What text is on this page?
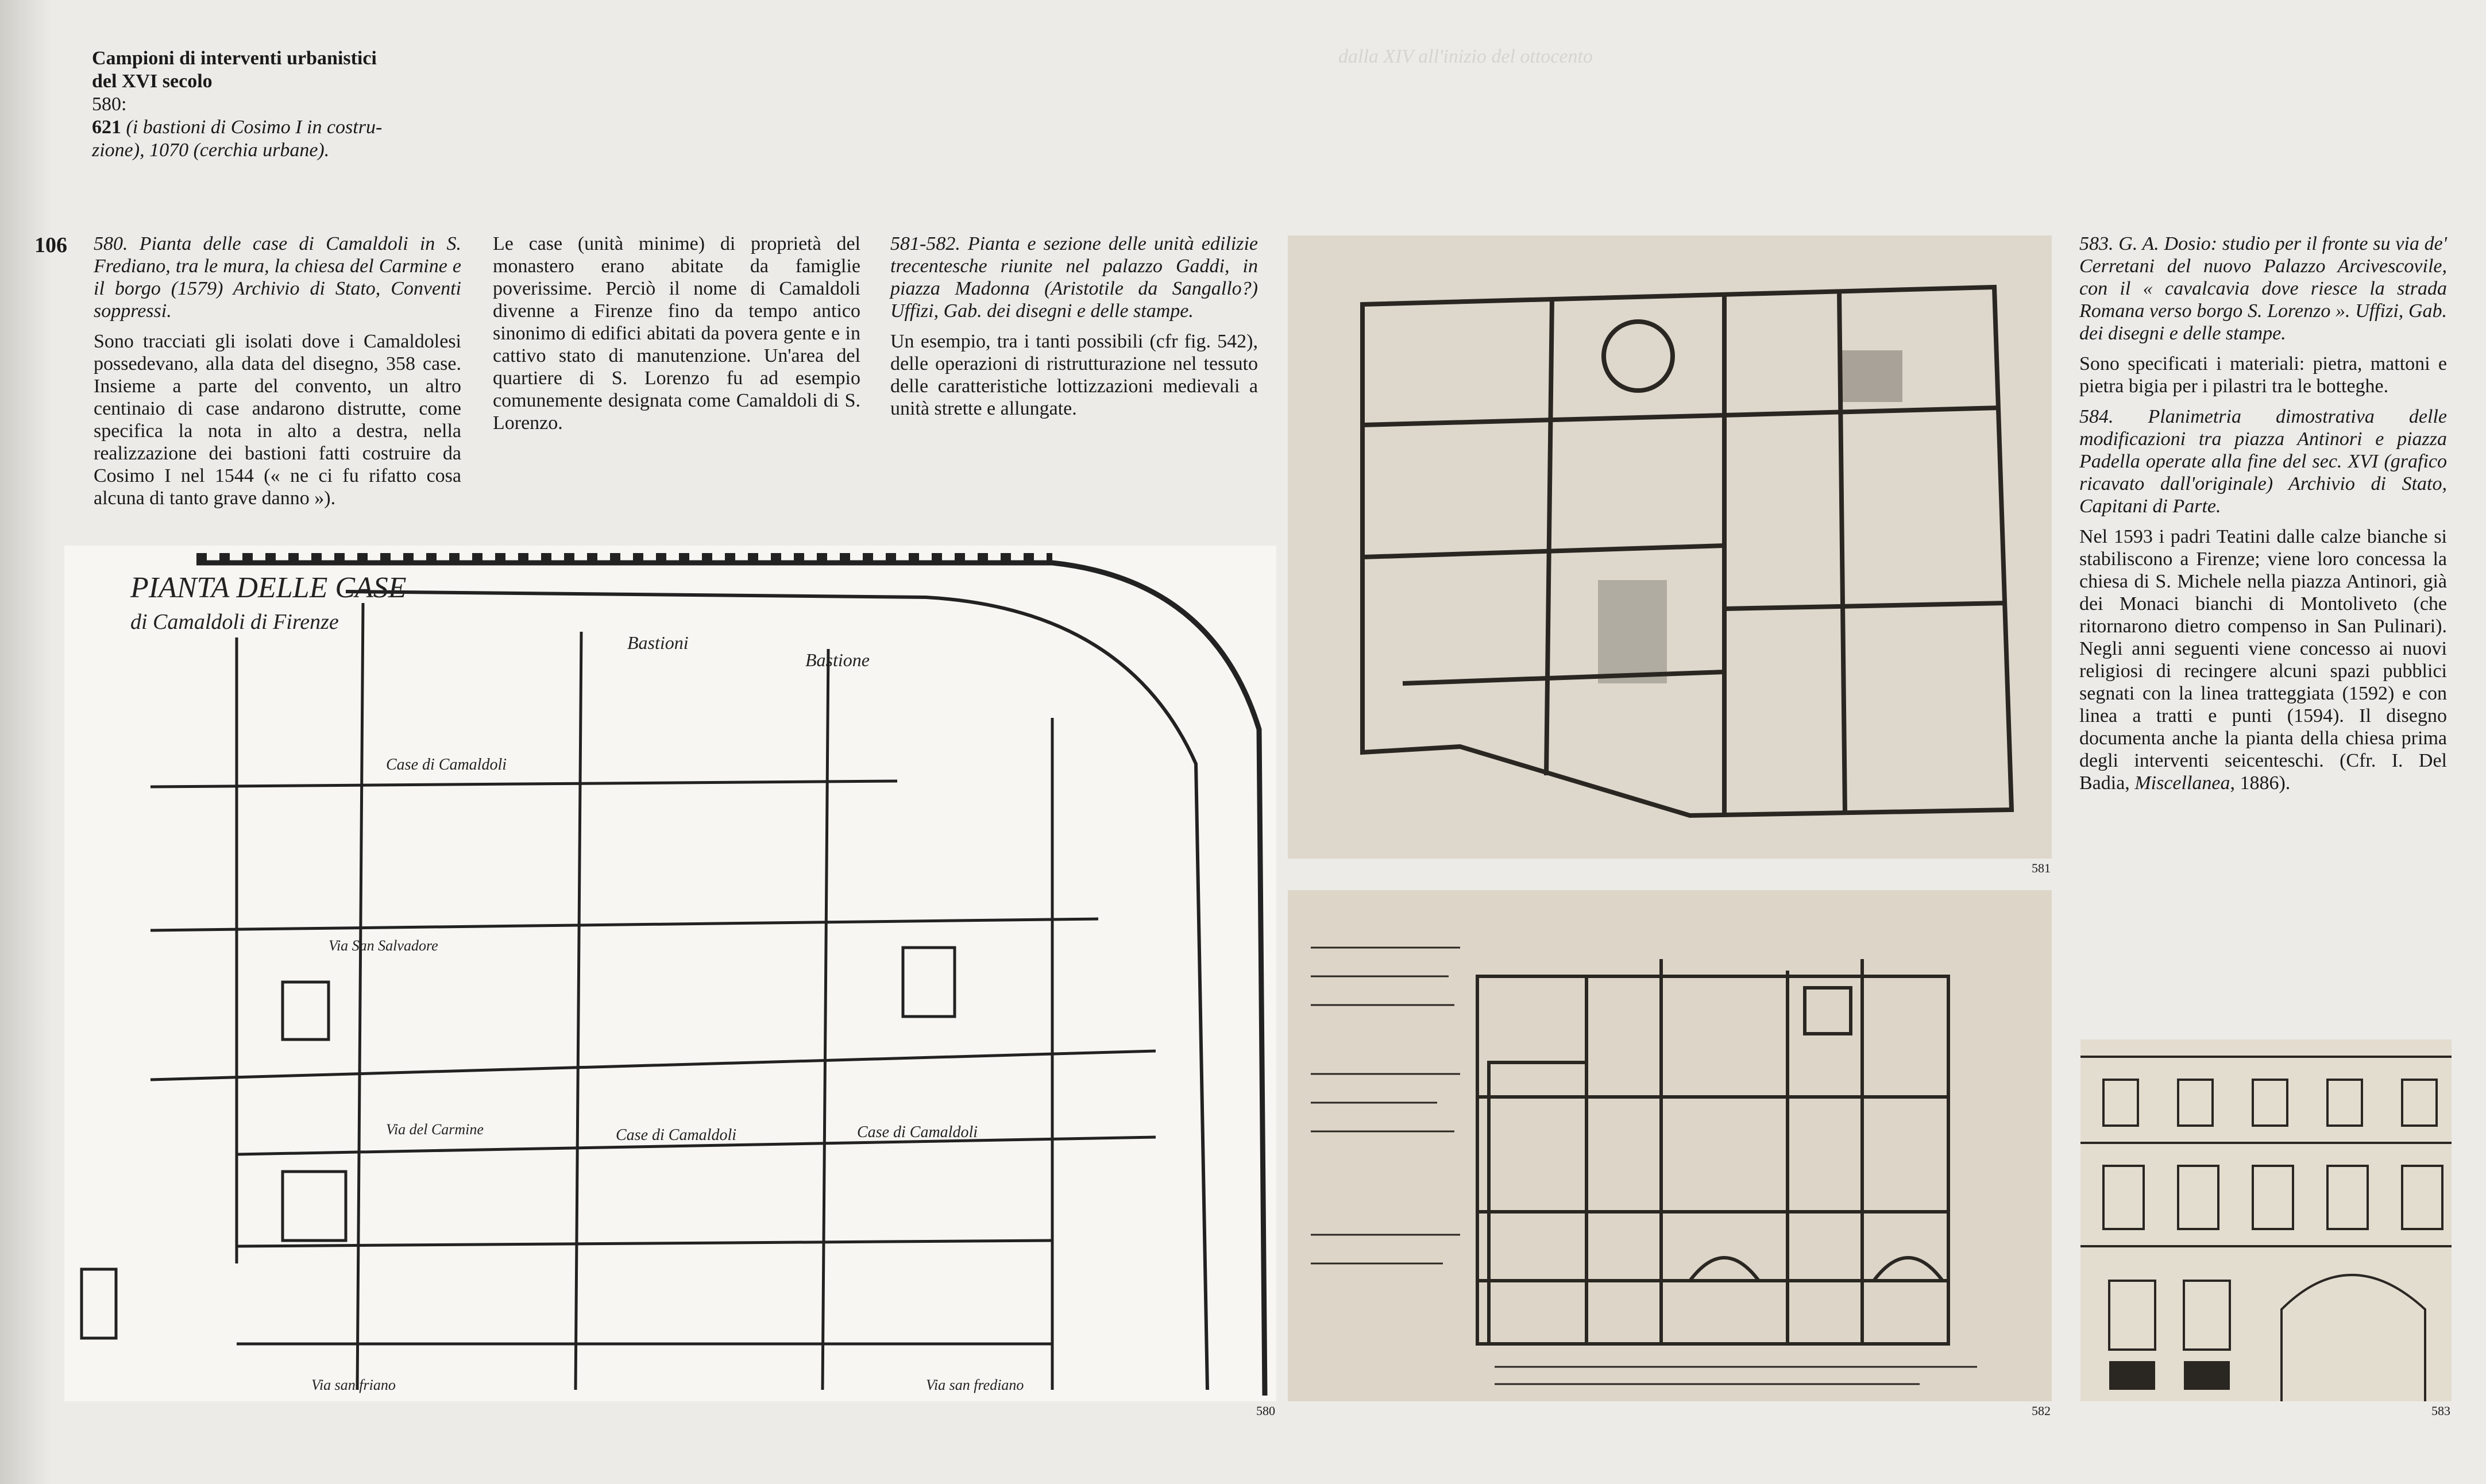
dalla XIV all'inizio del ottocento
Campioni di interventi urbanistici
del XVI secolo
580:
621 (i bastioni di Cosimo I in costru-
zione), 1070 (cerchia urbane).
106 580. Pianta delle case di Camaldoli in S. Frediano, tra le mura, la chiesa del Carmine e il borgo (1579) Archivio di Stato, Conventi soppressi.

Sono tracciati gli isolati dove i Camaldolesi possedevano, alla data del disegno, 358 case. Insieme a parte del convento, un altro centinaio di case andarono distrutte, come specifica la nota in alto a destra, nella realizzazione dei bastioni fatti costruire da Cosimo I nel 1544 (« ne ci fu rifatto cosa alcuna di tanto grave danno »).

Le case (unità minime) di proprietà del monastero erano abitate da famiglie poverissime. Perciò il nome di Camaldoli divenne a Firenze fino da tempo antico sinonimo di edifici abitati da povera gente e in cattivo stato di manutenzione. Un'area del quartiere di S. Lorenzo fu ad esempio comunemente designata come Camaldoli di S. Lorenzo.

581-582. Pianta e sezione delle unità edilizie trecentesche riunite nel palazzo Gaddi, in piazza Madonna (Aristotile da Sangallo?) Uffizi, Gab. dei disegni e delle stampe.

Un esempio, tra i tanti possibili (cfr fig. 542), delle operazioni di ristrutturazione nel tessuto delle caratteristiche lottizzazioni medievali a unità strette e allungate.

583. G. A. Dosio: studio per il fronte su via de' Cerretani del nuovo Palazzo Arcivescovile, con il « cavalcavia dove riesce la strada Romana verso borgo S. Lorenzo ». Uffizi, Gab. dei disegni e delle stampe.

Sono specificati i materiali: pietra, mattoni e pietra bigia per i pilastri tra le botteghe.

584. Planimetria dimostrativa delle modificazioni tra piazza Antinori e piazza Padella operate alla fine del sec. XVI (grafico ricavato dall'originale) Archivio di Stato, Capitani di Parte.

Nel 1593 i padri Teatini dalle calze bianche si stabiliscono a Firenze; viene loro concessa la chiesa di S. Michele nella piazza Antinori, già dei Monaci bianchi di Montoliveto (che ritornarono dietro compenso in San Pulinari). Negli anni seguenti viene concesso ai nuovi religiosi di recingere alcuni spazi pubblici segnati con la linea tratteggiata (1592) e con linea a tratti e punti (1594). Il disegno documenta anche la pianta della chiesa prima degli interventi seicenteschi. (Cfr. I. Del Badia, Miscellanea, 1886).

PIANTA DELLE CASE
di Camaldoli di Firenze
Bastioni
Bastione
Case di Camaldoli
Via San Salvadore
Via del Carmine
Via san friano	Via san frediano
Case di Camaldoli	Case di Camaldoli
580
581
582	583
